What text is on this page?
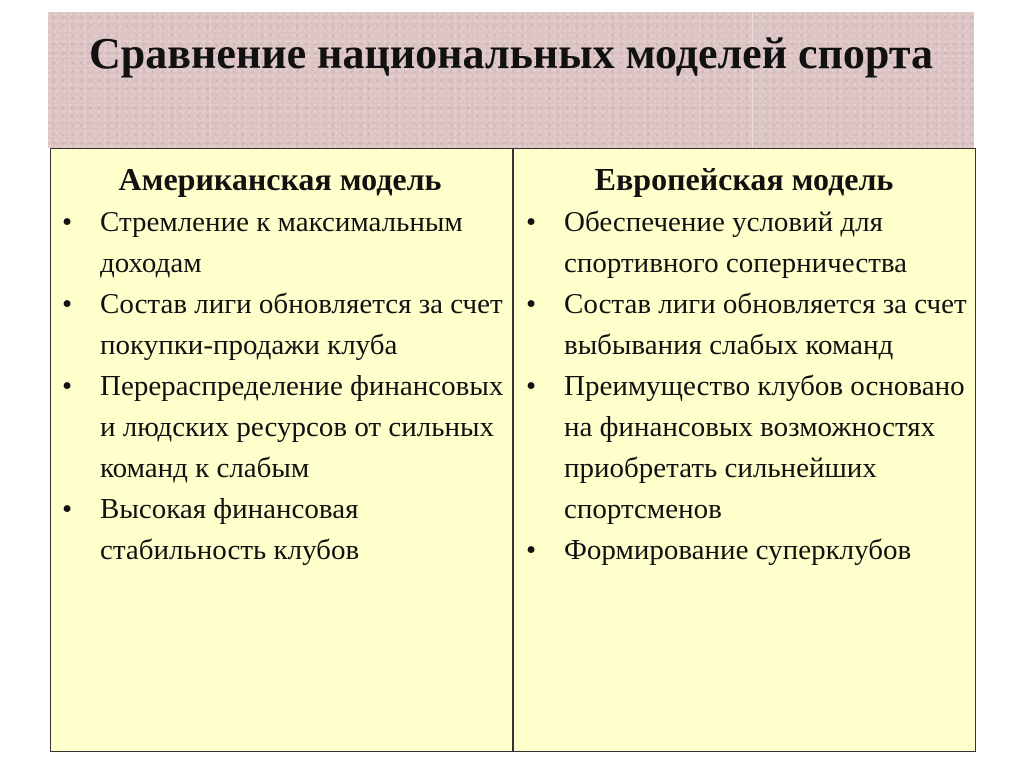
Сравнение национальных моделей спорта
Американская модель

• Стремление к максимальным доходам

• Состав лиги обновляется за счет покупки-продажи клуба

• Перераспределение финансовых и людских ресурсов от сильных команд к слабым

• Высокая финансовая стабильность клубов

Европейская модель

• Обеспечение условий для спортивного соперничества

• Состав лиги обновляется за счет выбывания слабых команд

• Преимущество клубов основано на финансовых возможностях приобретать сильнейших спортсменов

• Формирование суперклубов
